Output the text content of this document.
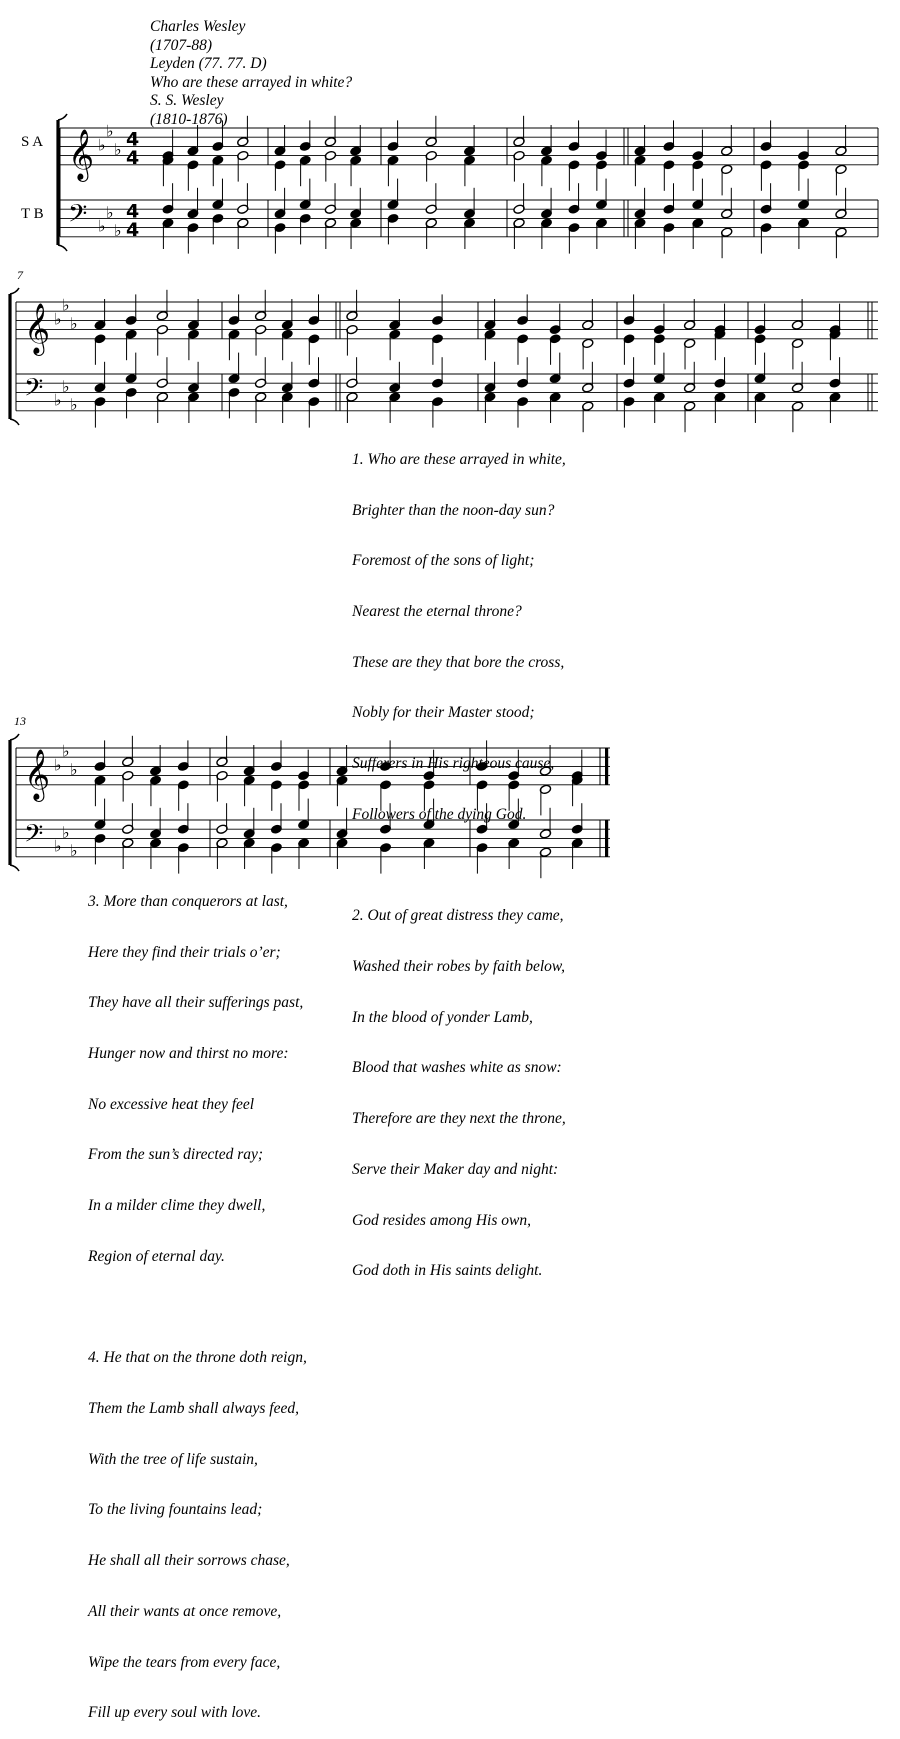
Charles Wesley
(1707-88)
Leyden (77. 77. D)
Who are these arrayed in white?
S. S. Wesley
(1810-1876)
S A
T B
7
13
𝄞
𝄢
♭
♭
♭
♭
♭
♭
4
4
4
4
𝄞
𝄢
♭
♭
♭
♭
♭
♭
𝄞
𝄢
♭
♭
♭
♭
♭
♭

1. Who are these arrayed in white,

Brighter than the noon-day sun?

Foremost of the sons of light;

Nearest the eternal throne?

These are they that bore the cross,

Nobly for their Master stood;

Sufferers in His righteous cause,

Followers of the dying God.

2. Out of great distress they came,

Washed their robes by faith below,

In the blood of yonder Lamb,

Blood that washes white as snow:

Therefore are they next the throne,

Serve their Maker day and night:

God resides among His own,

God doth in His saints delight.

3. More than conquerors at last,

Here they find their trials o’er;

They have all their sufferings past,

Hunger now and thirst no more:

No excessive heat they feel

From the sun’s directed ray;

In a milder clime they dwell,

Region of eternal day.

4. He that on the throne doth reign,

Them the Lamb shall always feed,

With the tree of life sustain,

To the living fountains lead;

He shall all their sorrows chase,

All their wants at once remove,

Wipe the tears from every face,

Fill up every soul with love.
